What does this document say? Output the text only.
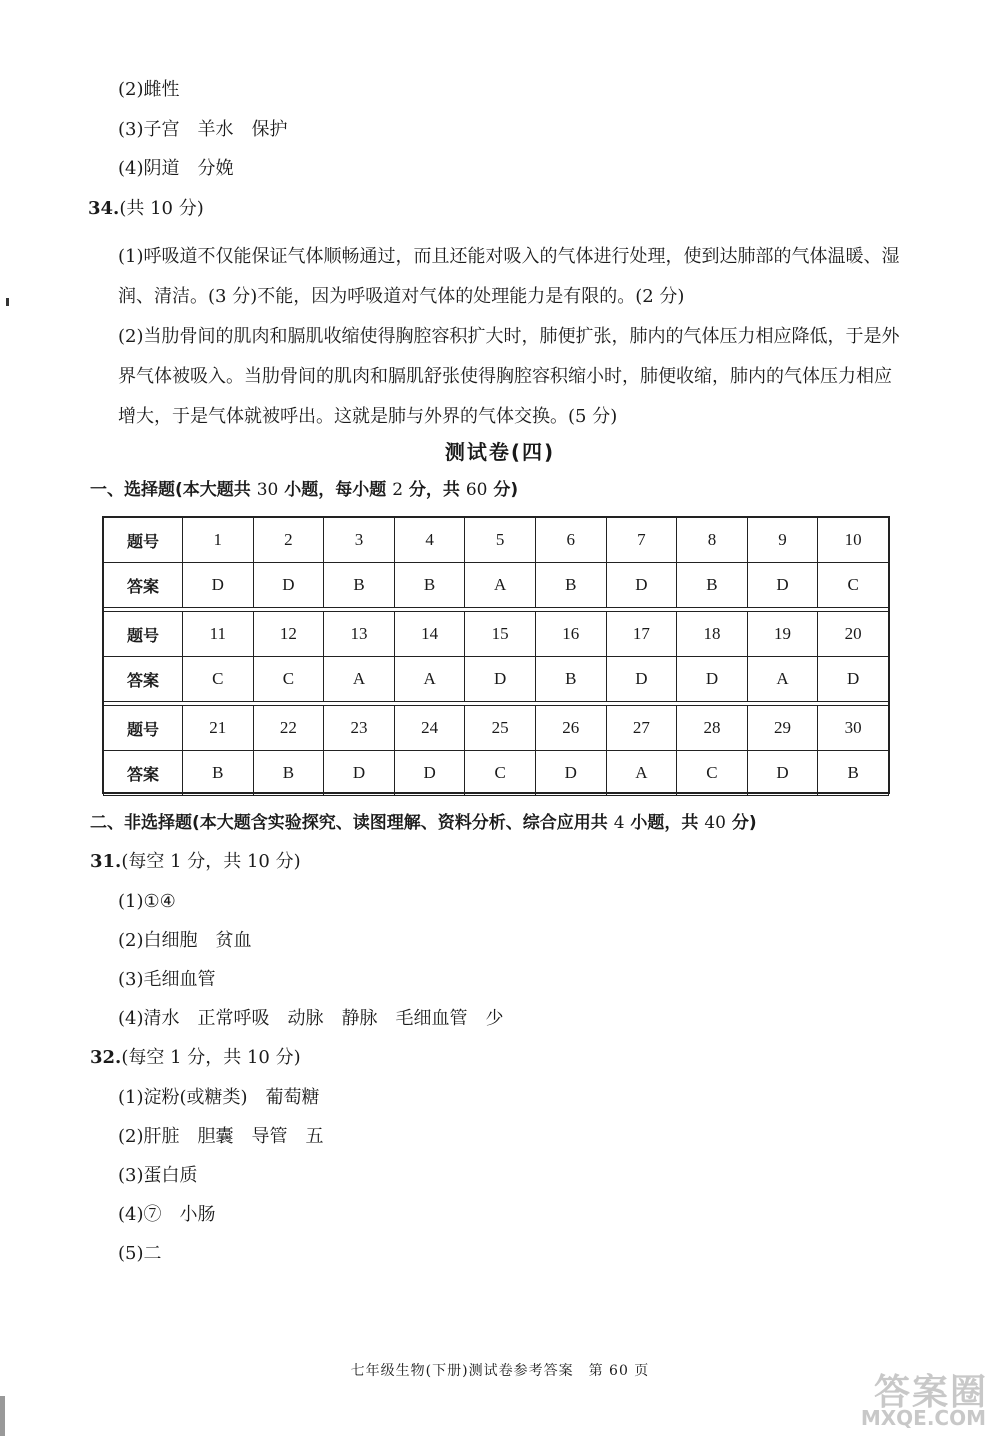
(2)雌性
(3)子宫　羊水　保护
(4)阴道　分娩
34.(共 10 分)
(1)呼吸道不仅能保证气体顺畅通过，而且还能对吸入的气体进行处理，使到达肺部的气体温暖、湿润、清洁。(3 分)不能，因为呼吸道对气体的处理能力是有限的。(2 分)
(2)当肋骨间的肌肉和膈肌收缩使得胸腔容积扩大时，肺便扩张，肺内的气体压力相应降低，于是外界气体被吸入。当肋骨间的肌肉和膈肌舒张使得胸腔容积缩小时，肺便收缩，肺内的气体压力相应增大，于是气体就被呼出。这就是肺与外界的气体交换。(5 分)
测试卷(四)
一、选择题(本大题共 30 小题，每小题 2 分，共 60 分)
题号	1	2	3	4	5	6	7	8	9	10
答案	D	D	B	B	A	B	D	B	D	C
题号	11	12	13	14	15	16	17	18	19	20
答案	C	C	A	A	D	B	D	D	A	D
题号	21	22	23	24	25	26	27	28	29	30
答案	B	B	D	D	C	D	A	C	D	B
二、非选择题(本大题含实验探究、读图理解、资料分析、综合应用共 4 小题，共 40 分)
31.(每空 1 分，共 10 分)
(1)①④
(2)白细胞　贫血
(3)毛细血管
(4)清水　正常呼吸　动脉　静脉　毛细血管　少
32.(每空 1 分，共 10 分)
(1)淀粉(或糖类)　葡萄糖
(2)肝脏　胆囊　导管　五
(3)蛋白质
(4)⑦　小肠
(5)二
七年级生物(下册)测试卷参考答案　第 60 页
答案圈
MXQE.COM
